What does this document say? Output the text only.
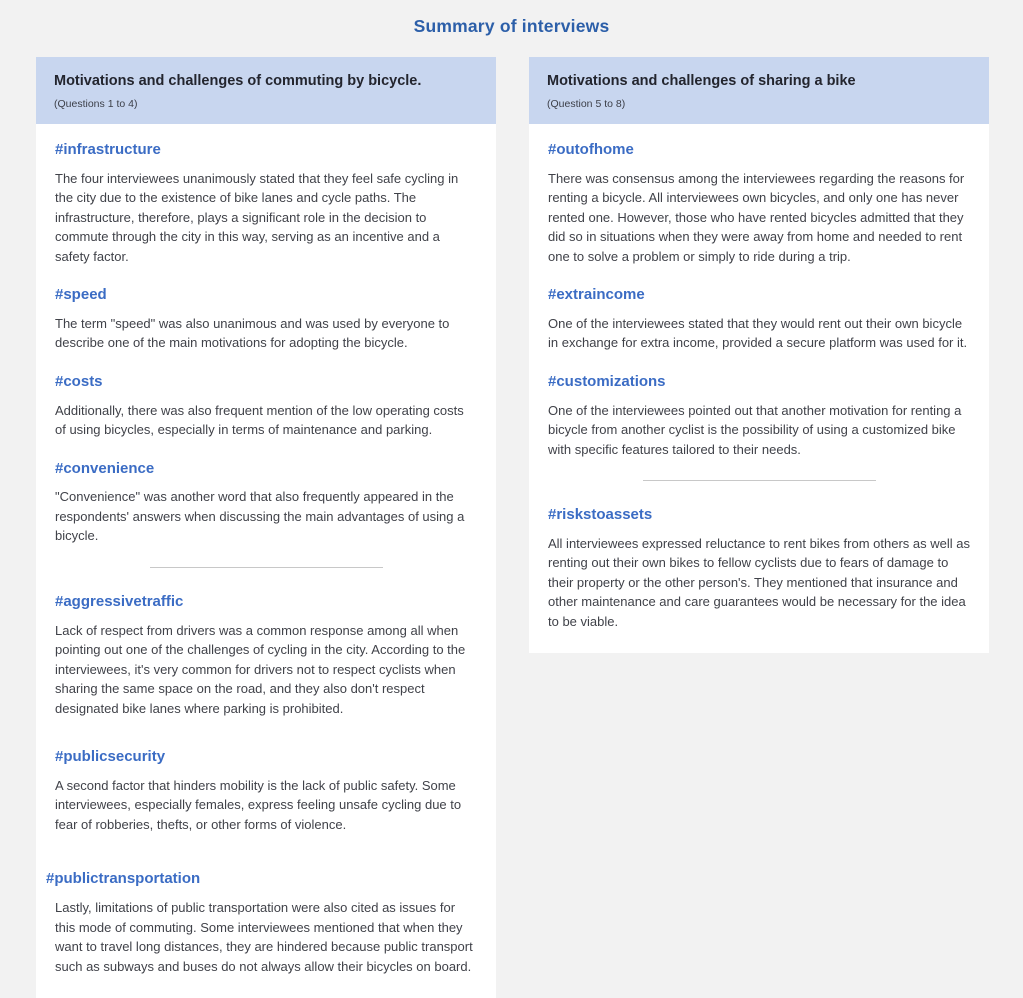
Summary of interviews
Motivations and challenges of commuting by bicycle.
(Questions 1 to 4)
#infrastructure

The four interviewees unanimously stated that they feel safe cycling in the city due to the existence of bike lanes and cycle paths. The infrastructure, therefore, plays a significant role in the decision to commute through the city in this way, serving as an incentive and a safety factor.

#speed

The term "speed" was also unanimous and was used by everyone to describe one of the main motivations for adopting the bicycle.

#costs

Additionally, there was also frequent mention of the low operating costs of using bicycles, especially in terms of maintenance and parking.

#convenience

"Convenience" was another word that also frequently appeared in the respondents' answers when discussing the main advantages of using a bicycle.

#aggressivetraffic

Lack of respect from drivers was a common response among all when pointing out one of the challenges of cycling in the city. According to the interviewees, it's very common for drivers not to respect cyclists when sharing the same space on the road, and they also don't respect designated bike lanes where parking is prohibited.

#publicsecurity

A second factor that hinders mobility is the lack of public safety. Some interviewees, especially females, express feeling unsafe cycling due to fear of robberies, thefts, or other forms of violence.

#publictransportation

Lastly, limitations of public transportation were also cited as issues for this mode of commuting. Some interviewees mentioned that when they want to travel long distances, they are hindered because public transport such as subways and buses do not always allow their bicycles on board.

Motivations and challenges of sharing a bike
(Question 5 to 8)
#outofhome

There was consensus among the interviewees regarding the reasons for renting a bicycle. All interviewees own bicycles, and only one has never rented one. However, those who have rented bicycles admitted that they did so in situations when they were away from home and needed to rent one to solve a problem or simply to ride during a trip.

#extraincome

One of the interviewees stated that they would rent out their own bicycle in exchange for extra income, provided a secure platform was used for it.

#customizations

One of the interviewees pointed out that another motivation for renting a bicycle from another cyclist is the possibility of using a customized bike with specific features tailored to their needs.

#riskstoassets

All interviewees expressed reluctance to rent bikes from others as well as renting out their own bikes to fellow cyclists due to fears of damage to their property or the other person's. They mentioned that insurance and other maintenance and care guarantees would be necessary for the idea to be viable.
